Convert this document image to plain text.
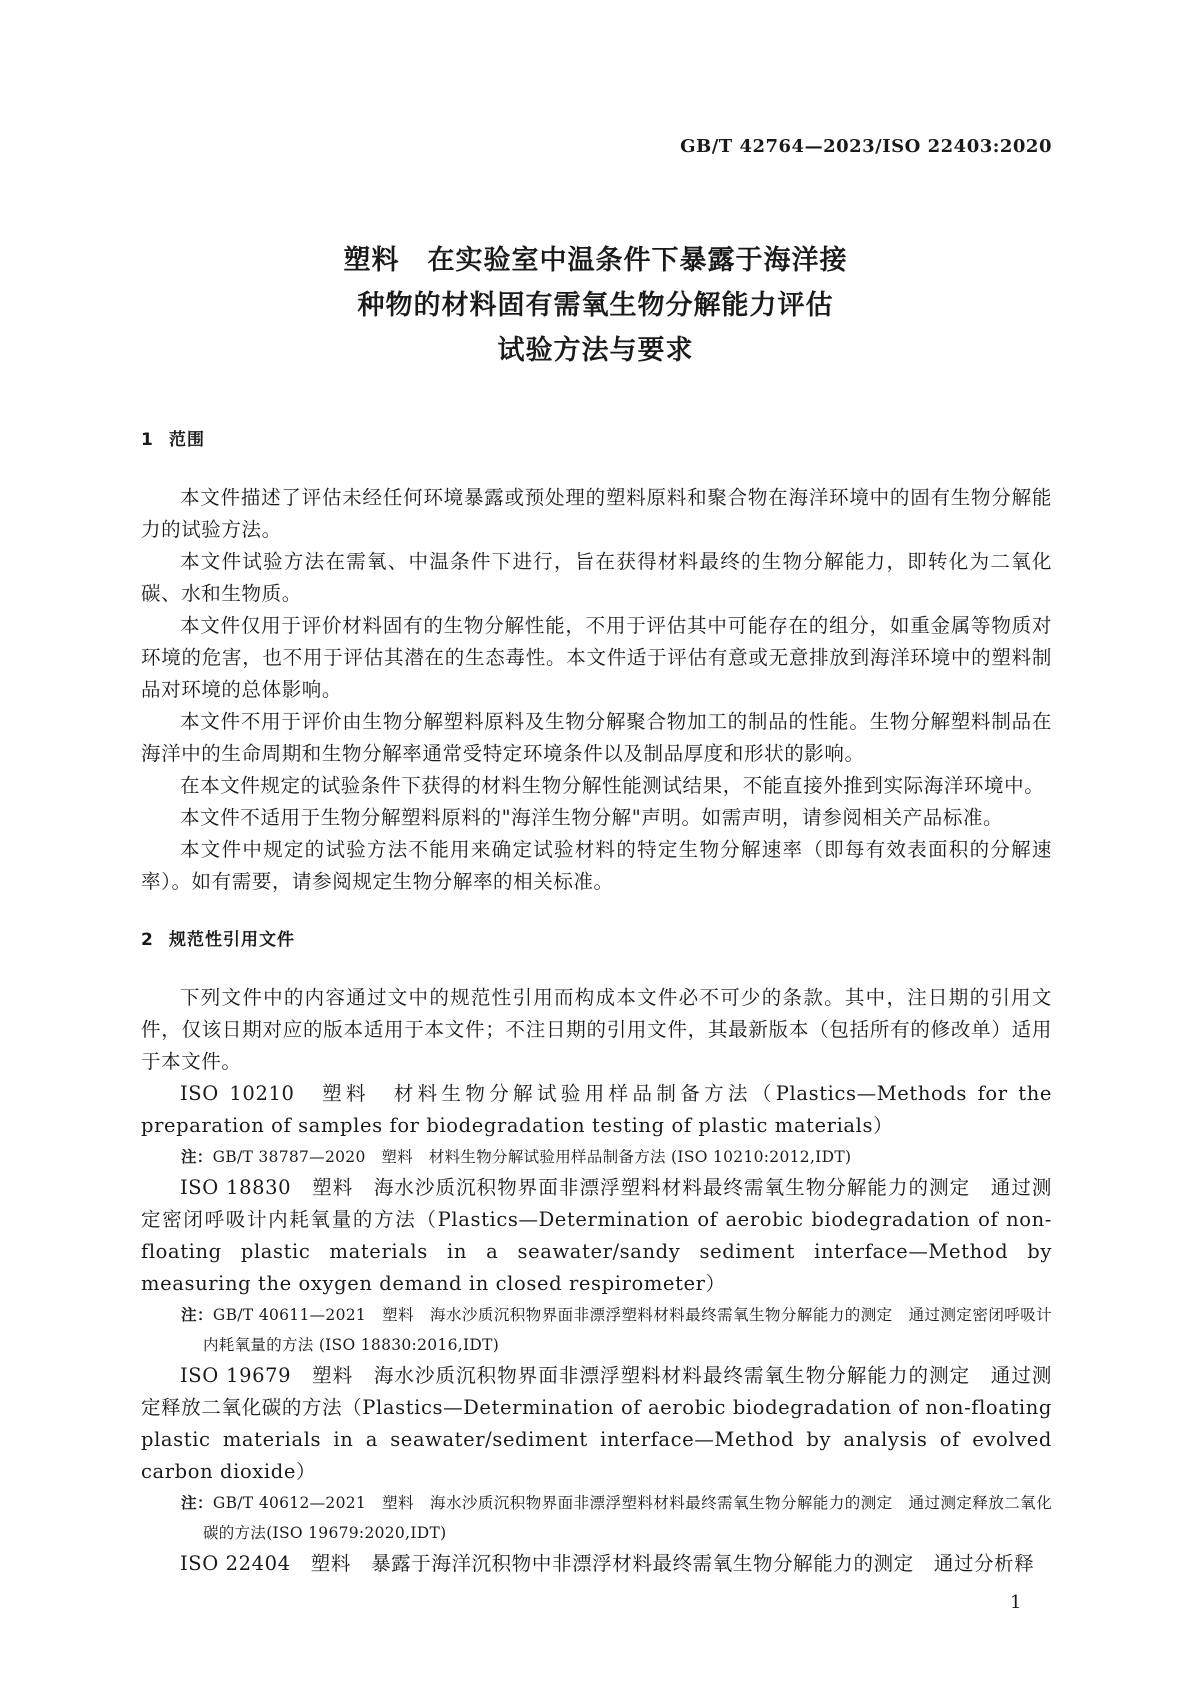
GB/T 42764—2023/ISO 22403:2020
塑料　在实验室中温条件下暴露于海洋接
种物的材料固有需氧生物分解能力评估
试验方法与要求
1 范围

本文件描述了评估未经任何环境暴露或预处理的塑料原料和聚合物在海洋环境中的固有生物分解能力的试验方法。

本文件试验方法在需氧、中温条件下进行，旨在获得材料最终的生物分解能力，即转化为二氧化碳、水和生物质。

本文件仅用于评价材料固有的生物分解性能，不用于评估其中可能存在的组分，如重金属等物质对环境的危害，也不用于评估其潜在的生态毒性。本文件适于评估有意或无意排放到海洋环境中的塑料制品对环境的总体影响。

本文件不用于评价由生物分解塑料原料及生物分解聚合物加工的制品的性能。生物分解塑料制品在海洋中的生命周期和生物分解率通常受特定环境条件以及制品厚度和形状的影响。

在本文件规定的试验条件下获得的材料生物分解性能测试结果，不能直接外推到实际海洋环境中。

本文件不适用于生物分解塑料原料的"海洋生物分解"声明。如需声明，请参阅相关产品标准。

本文件中规定的试验方法不能用来确定试验材料的特定生物分解速率（即每有效表面积的分解速率）。如有需要，请参阅规定生物分解率的相关标准。

2 规范性引用文件

下列文件中的内容通过文中的规范性引用而构成本文件必不可少的条款。其中，注日期的引用文件，仅该日期对应的版本适用于本文件；不注日期的引用文件，其最新版本（包括所有的修改单）适用于本文件。

ISO 10210　塑料　材料生物分解试验用样品制备方法（Plastics—Methods for the preparation of samples for biodegradation testing of plastic materials）

注：GB/T 38787—2020　塑料　材料生物分解试验用样品制备方法 (ISO 10210:2012,IDT)

ISO 18830　塑料　海水沙质沉积物界面非漂浮塑料材料最终需氧生物分解能力的测定　通过测定密闭呼吸计内耗氧量的方法（Plastics—Determination of aerobic biodegradation of non-floating plastic materials in a seawater/sandy sediment interface—Method by measuring the oxygen demand in closed respirometer）

注：GB/T 40611—2021　塑料　海水沙质沉积物界面非漂浮塑料材料最终需氧生物分解能力的测定　通过测定密闭呼吸计内耗氧量的方法 (ISO 18830:2016,IDT)

ISO 19679　塑料　海水沙质沉积物界面非漂浮塑料材料最终需氧生物分解能力的测定　通过测定释放二氧化碳的方法（Plastics—Determination of aerobic biodegradation of non-floating plastic materials in a seawater/sediment interface—Method by analysis of evolved carbon dioxide）

注：GB/T 40612—2021　塑料　海水沙质沉积物界面非漂浮塑料材料最终需氧生物分解能力的测定　通过测定释放二氧化碳的方法(ISO 19679:2020,IDT)

ISO 22404　塑料　暴露于海洋沉积物中非漂浮材料最终需氧生物分解能力的测定　通过分析释

1
